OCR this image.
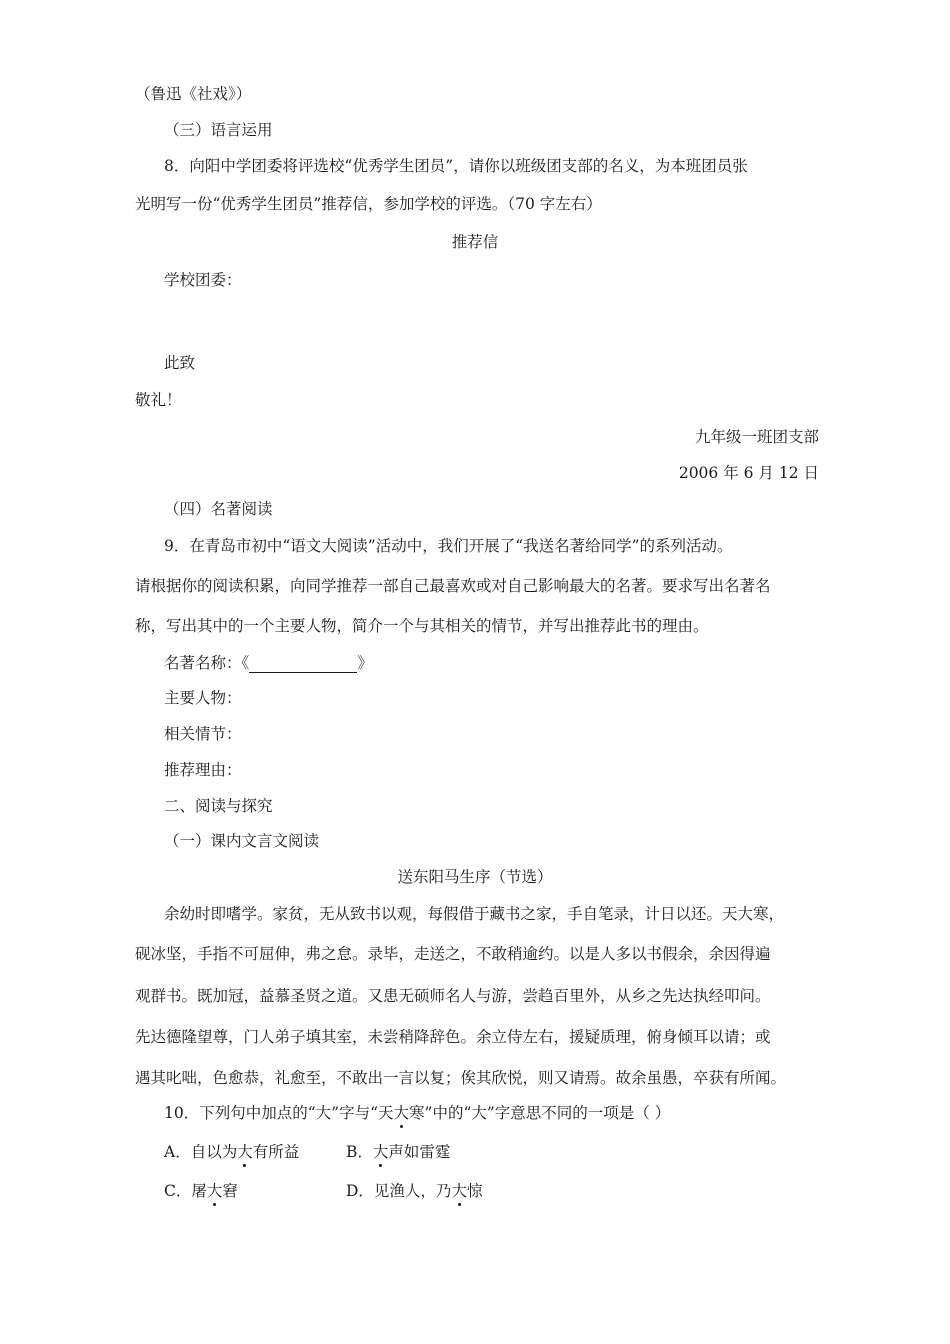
（鲁迅《社戏》）
（三）语言运用
8．向阳中学团委将评选校“优秀学生团员”，请你以班级团支部的名义，为本班团员张
光明写一份“优秀学生团员”推荐信，参加学校的评选。（70 字左右）
推荐信
学校团委：
此致
敬礼！
九年级一班团支部
2006 年 6 月 12 日
（四）名著阅读
9．在青岛市初中“语文大阅读”活动中，我们开展了“我送名著给同学”的系列活动。
请根据你的阅读积累，向同学推荐一部自己最喜欢或对自己影响最大的名著。要求写出名著名
称，写出其中的一个主要人物，简介一个与其相关的情节，并写出推荐此书的理由。
名著名称：《	》
主要人物：
相关情节：
推荐理由：
二、阅读与探究
（一）课内文言文阅读
送东阳马生序（节选）
余幼时即嗜学。家贫，无从致书以观，每假借于藏书之家，手自笔录，计日以还。天大寒，
砚冰坚，手指不可屈伸，弗之怠。录毕，走送之，不敢稍逾约。以是人多以书假余，余因得遍
观群书。既加冠，益慕圣贤之道。又患无硕师名人与游，尝趋百里外，从乡之先达执经叩问。
先达德隆望尊，门人弟子填其室，未尝稍降辞色。余立侍左右，援疑质理，俯身倾耳以请；或
遇其叱咄，色愈恭，礼愈至，不敢出一言以复；俟其欣悦，则又请焉。故余虽愚，卒获有所闻。
10．下列句中加点的“大”字与“天大寒”中的“大”字意思不同的一项是（ ）
A．自以为大有所益	B．大声如雷霆
C．屠大窘	D．见渔人，乃大惊
